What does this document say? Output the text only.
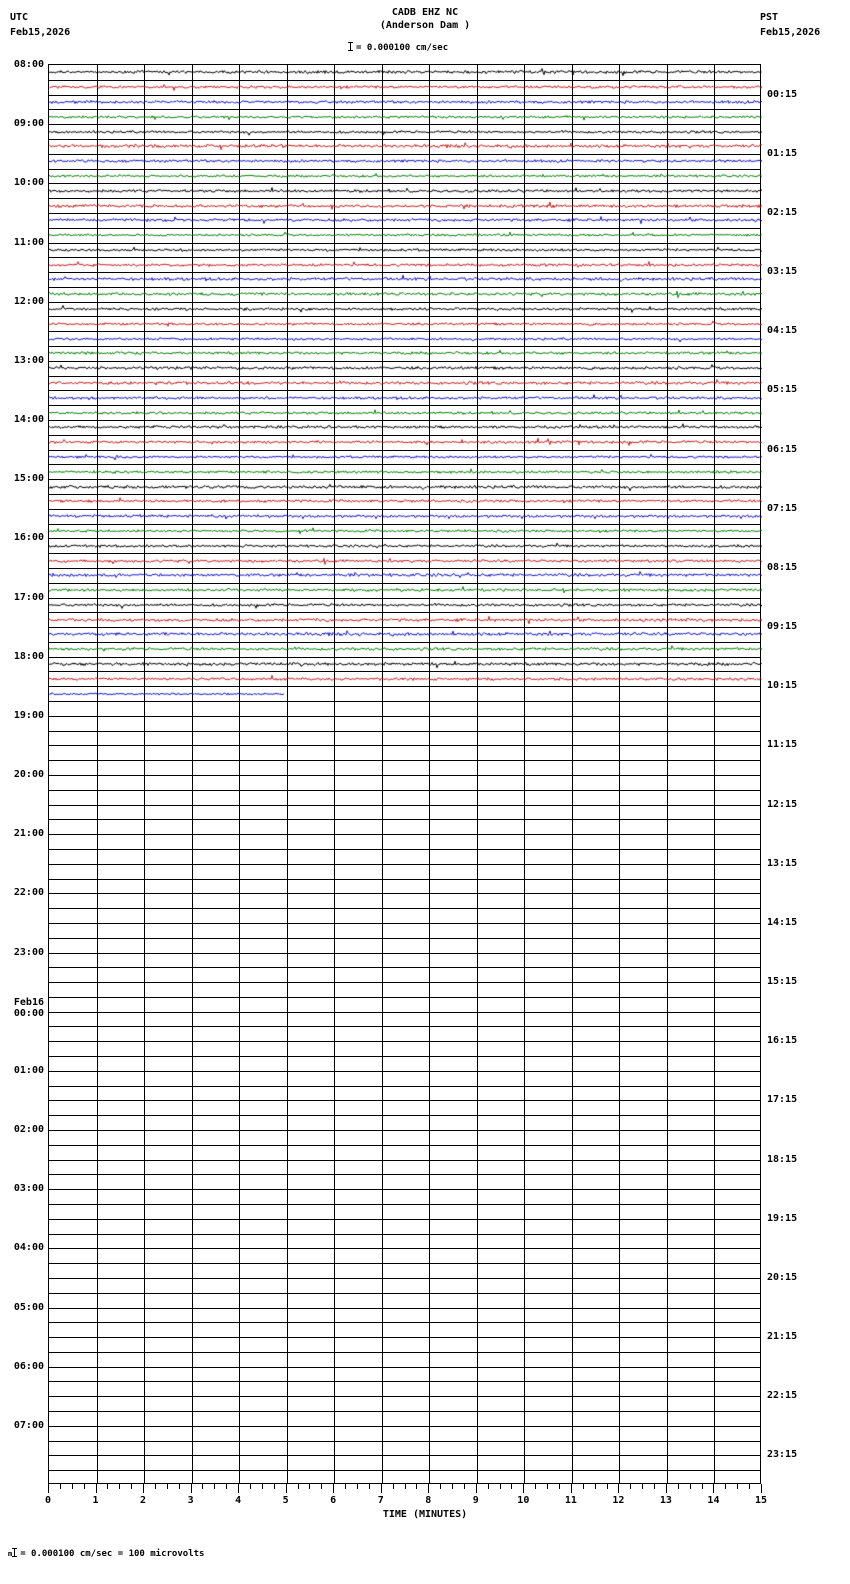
UTC
Feb15,2026
PST
Feb15,2026
CADB EHZ NC
(Anderson Dam )
= 0.000100 cm/sec
08:00
09:00
10:00
11:00
12:00
13:00
14:00
15:00
16:00
17:00
18:00
19:00
20:00
21:00
22:00
23:00
Feb16
00:00
01:00
02:00
03:00
04:00
05:00
06:00
07:00
00:15
01:15
02:15
03:15
04:15
05:15
06:15
07:15
08:15
09:15
10:15
11:15
12:15
13:15
14:15
15:15
16:15
17:15
18:15
19:15
20:15
21:15
22:15
23:15
0	1	2	3	4	5	6	7	8	9	10	11	12	13	14	15
TIME (MINUTES)
m = 0.000100 cm/sec = 100 microvolts
